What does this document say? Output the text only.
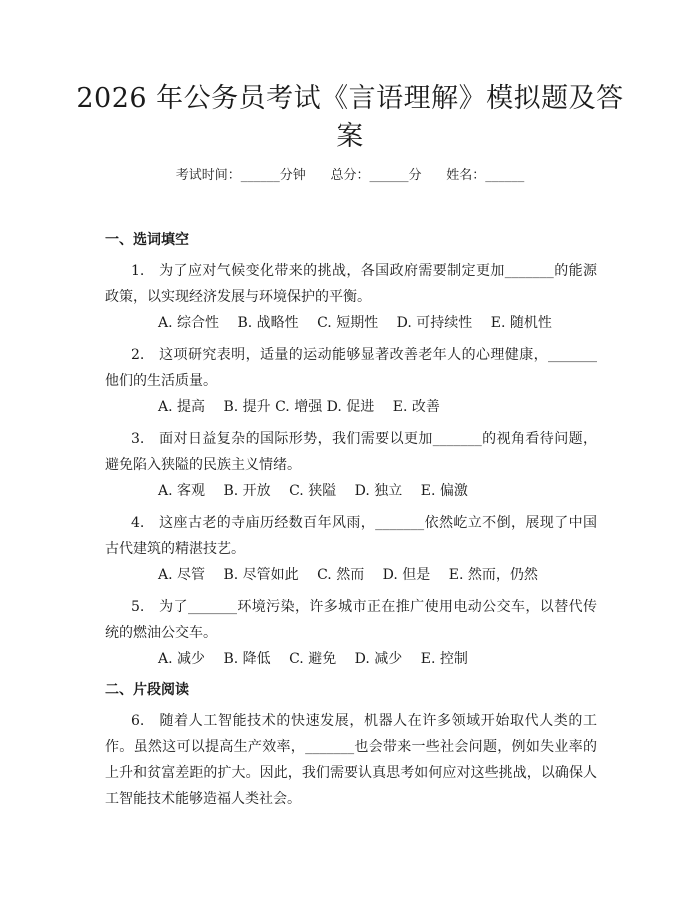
2026 年公务员考试《言语理解》模拟题及答案
考试时间：______分钟      总分：______分      姓名：______
一、选词填空
1.　为了应对气候变化带来的挑战，各国政府需要制定更加_______的能源政策，以实现经济发展与环境保护的平衡。
A. 综合性　 B. 战略性　 C. 短期性　 D. 可持续性　 E. 随机性
2.　这项研究表明，适量的运动能够显著改善老年人的心理健康，_______他们的生活质量。
A. 提高　 B. 提升 C. 增强 D. 促进　 E. 改善
3.　面对日益复杂的国际形势，我们需要以更加_______的视角看待问题，避免陷入狭隘的民族主义情绪。
A. 客观　 B. 开放　 C. 狭隘　 D. 独立　 E. 偏激
4.　这座古老的寺庙历经数百年风雨，_______依然屹立不倒，展现了中国古代建筑的精湛技艺。
A. 尽管　 B. 尽管如此　 C. 然而　 D. 但是　 E. 然而，仍然
5.　为了_______环境污染，许多城市正在推广使用电动公交车，以替代传统的燃油公交车。
A. 减少　 B. 降低　 C. 避免　 D. 减少　 E. 控制
二、片段阅读
6.　随着人工智能技术的快速发展，机器人在许多领域开始取代人类的工作。虽然这可以提高生产效率，_______也会带来一些社会问题，例如失业率的上升和贫富差距的扩大。因此，我们需要认真思考如何应对这些挑战，以确保人工智能技术能够造福人类社会。
